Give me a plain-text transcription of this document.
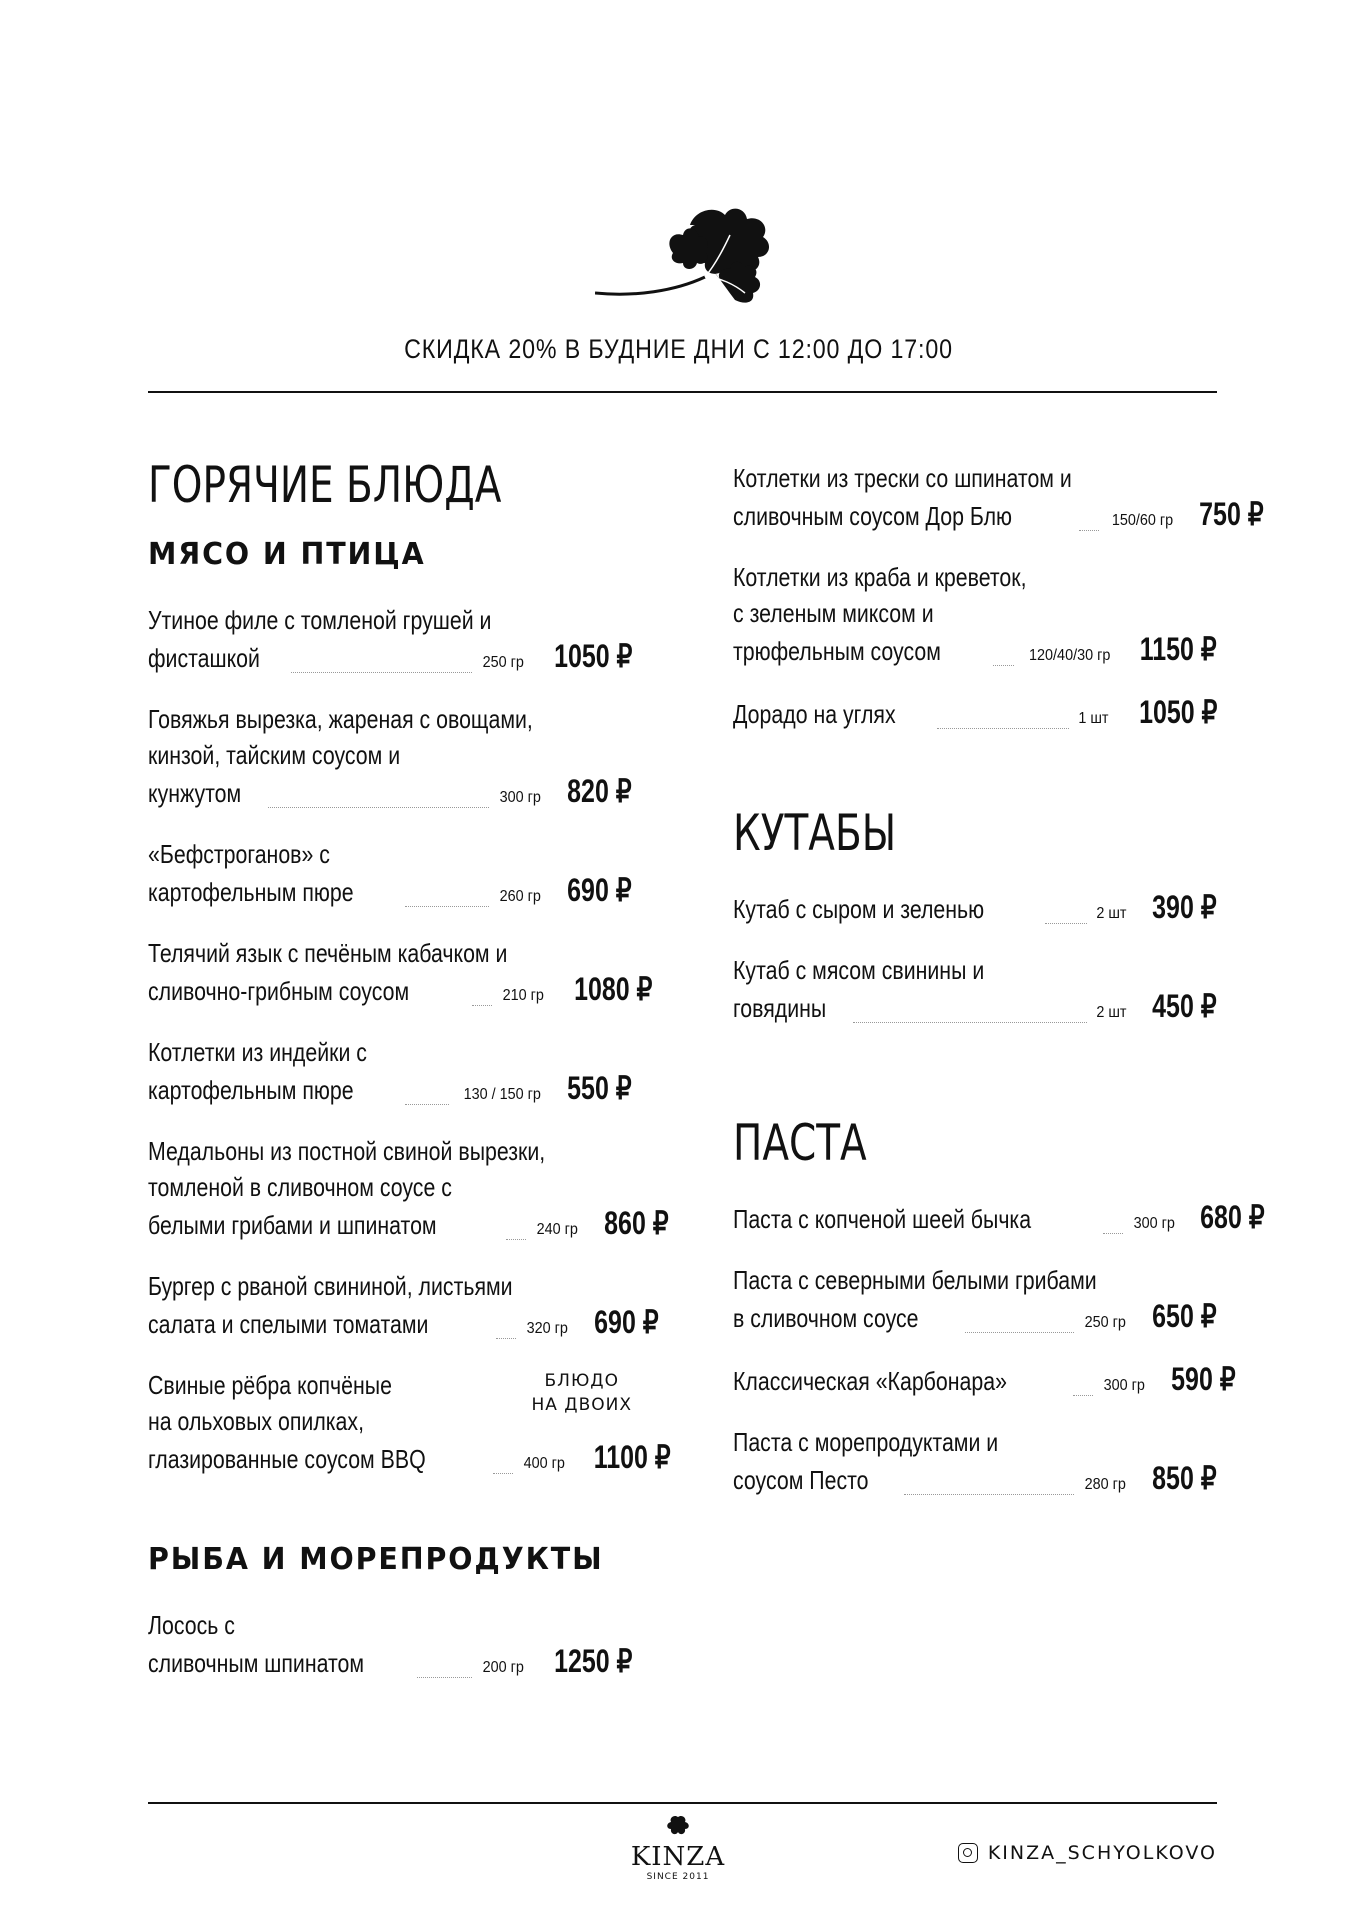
СКИДКА 20% В БУДНИЕ ДНИ С 12:00 ДО 17:00
ГОРЯЧИЕ БЛЮДА
МЯСО И ПТИЦА
Утиное филе с томленой грушей и
фисташкой	250 гр 1050 ₽
Говяжья вырезка, жареная с овощами,
кинзой, тайским соусом и
кунжутом	300 гр 820 ₽
«Бефстроганов» с
картофельным пюре	260 гр 690 ₽
Телячий язык с печёным кабачком и
сливочно-грибным соусом	210 гр 1080 ₽
Котлетки из индейки с
картофельным пюре	130 / 150 гр 550 ₽
Медальоны из постной свиной вырезки,
томленой в сливочном соусе с
белыми грибами и шпинатом	240 гр 860 ₽
Бургер с рваной свининой, листьями
салата и спелыми томатами	320 гр 690 ₽
Свиные рёбра копчёные
на ольховых опилках,
глазированные соусом BBQ	400 гр 1100 ₽
БЛЮДО
НА ДВОИХ
РЫБА И МОРЕПРОДУКТЫ
Лосось с
сливочным шпинатом	200 гр 1250 ₽
Котлетки из трески со шпинатом и
сливочным соусом Дор Блю	150/60 гр 750 ₽
Котлетки из краба и креветок,
с зеленым миксом и
трюфельным соусом	120/40/30 гр 1150 ₽
Дорадо на углях	1 шт 1050 ₽
КУТАБЫ
Кутаб с сыром и зеленью	2 шт 390 ₽
Кутаб с мясом свинины и
говядины	2 шт 450 ₽
ПАСТА
Паста с копченой шеей бычка	300 гр 680 ₽
Паста с северными белыми грибами
в сливочном соусе	250 гр 650 ₽
Классическая «Карбонара»	300 гр 590 ₽
Паста с морепродуктами и
соусом Песто	280 гр 850 ₽
KINZA
SINCE 2011
KINZA_SCHYOLKOVO
